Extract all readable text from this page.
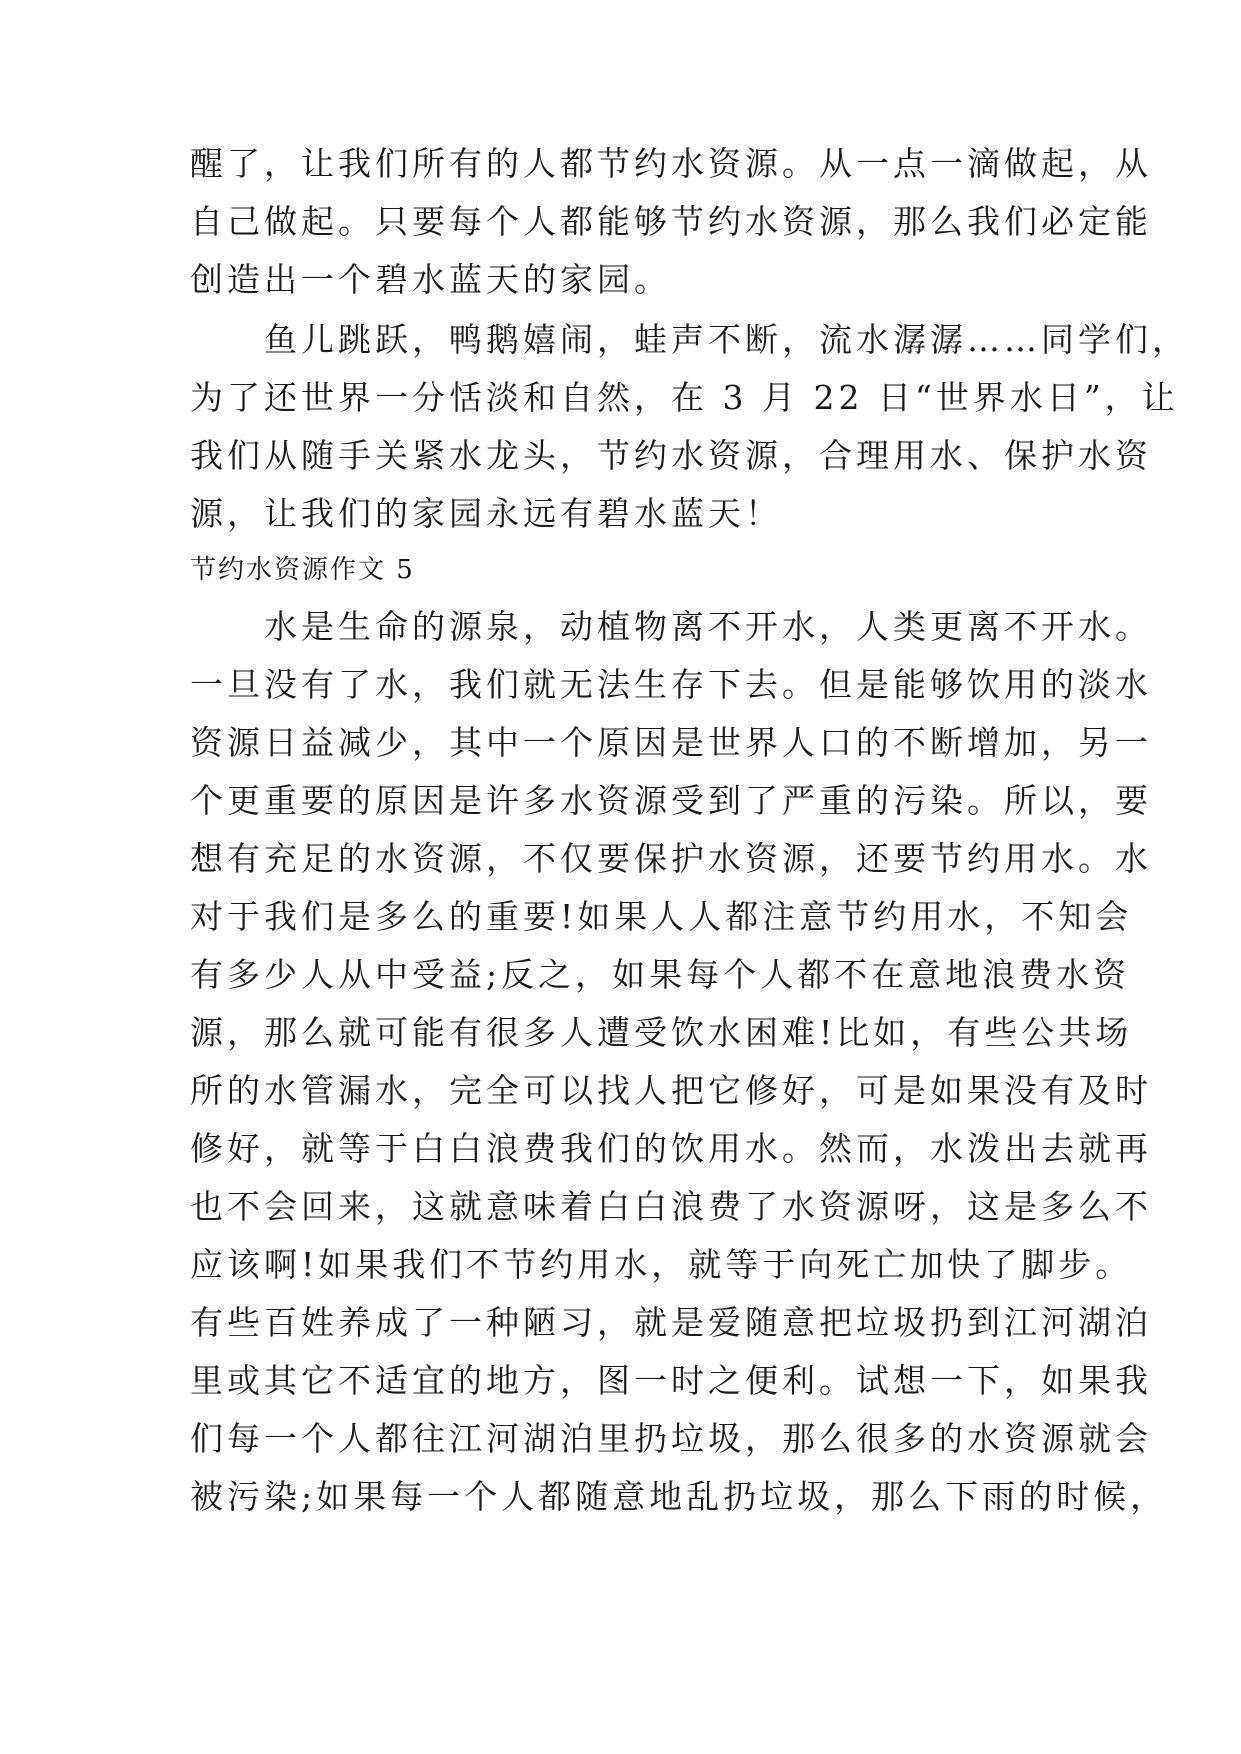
醒了，让我们所有的人都节约水资源。从一点一滴做起，从
自己做起。只要每个人都能够节约水资源，那么我们必定能
创造出一个碧水蓝天的家园。
　　鱼儿跳跃，鸭鹅嬉闹，蛙声不断，流水潺潺……同学们，
为了还世界一分恬淡和自然，在 3 月 22 日“世界水日”，让
我们从随手关紧水龙头，节约水资源，合理用水、保护水资
源，让我们的家园永远有碧水蓝天！
节约水资源作文 5
　　水是生命的源泉，动植物离不开水，人类更离不开水。
一旦没有了水，我们就无法生存下去。但是能够饮用的淡水
资源日益减少，其中一个原因是世界人口的不断增加，另一
个更重要的原因是许多水资源受到了严重的污染。所以，要
想有充足的水资源，不仅要保护水资源，还要节约用水。水
对于我们是多么的重要!如果人人都注意节约用水，不知会
有多少人从中受益;反之，如果每个人都不在意地浪费水资
源，那么就可能有很多人遭受饮水困难!比如，有些公共场
所的水管漏水，完全可以找人把它修好，可是如果没有及时
修好，就等于白白浪费我们的饮用水。然而，水泼出去就再
也不会回来，这就意味着白白浪费了水资源呀，这是多么不
应该啊!如果我们不节约用水，就等于向死亡加快了脚步。
有些百姓养成了一种陋习，就是爱随意把垃圾扔到江河湖泊
里或其它不适宜的地方，图一时之便利。试想一下，如果我
们每一个人都往江河湖泊里扔垃圾，那么很多的水资源就会
被污染;如果每一个人都随意地乱扔垃圾，那么下雨的时候，
